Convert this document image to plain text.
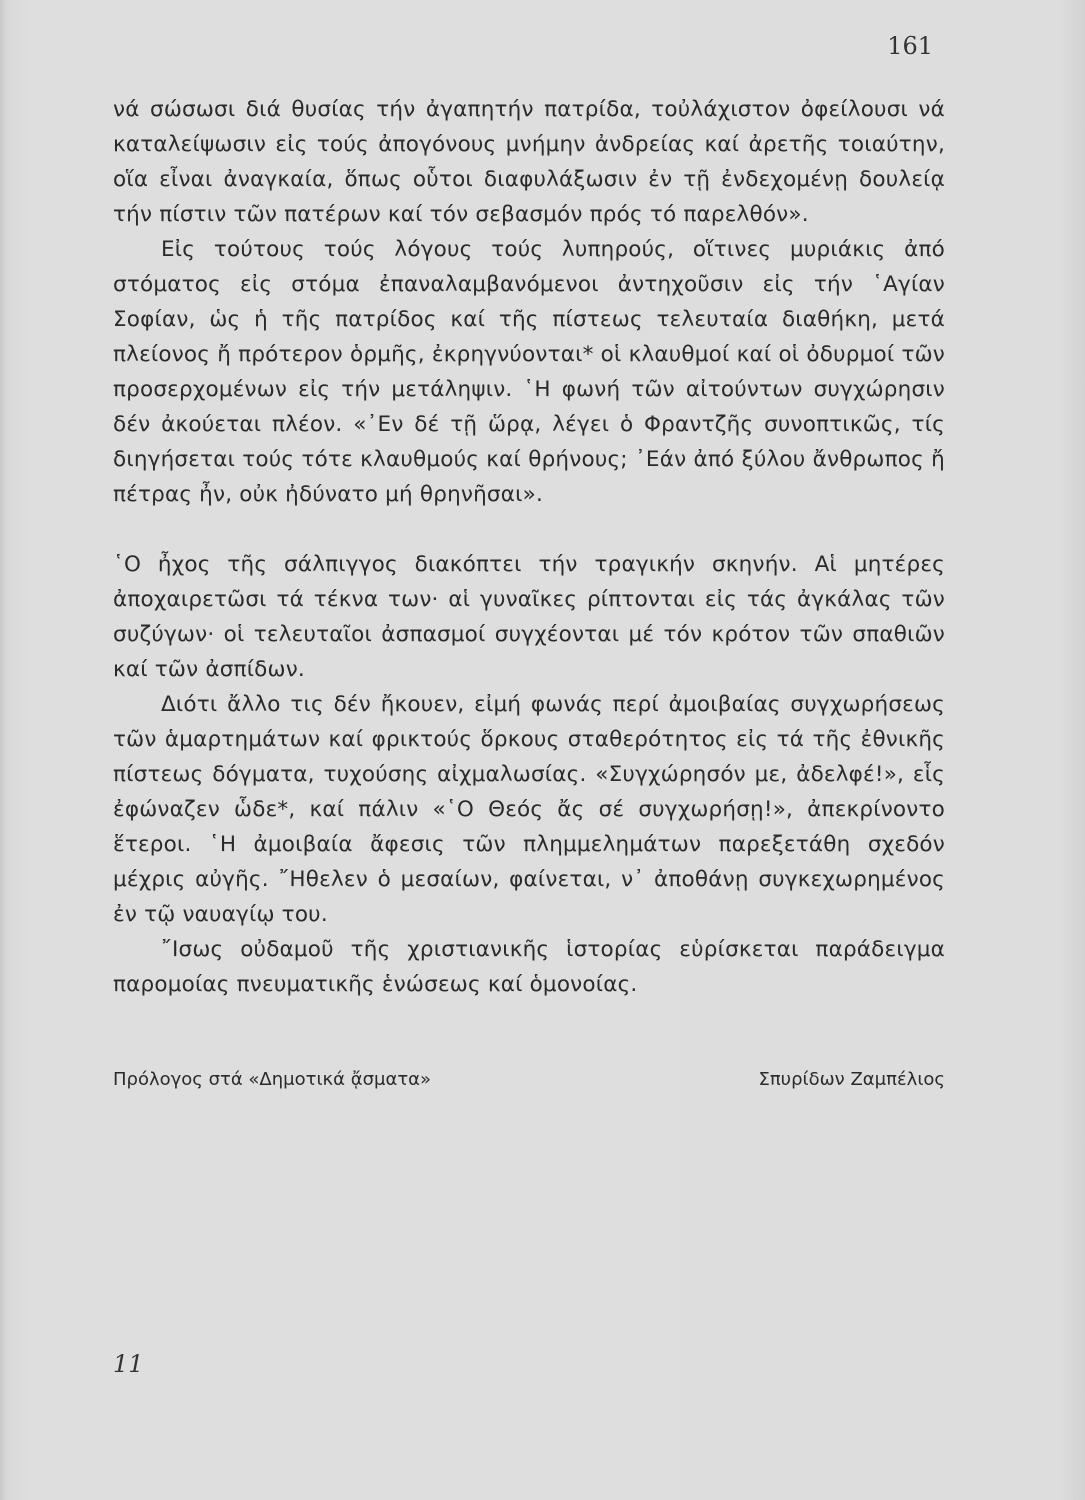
161

νά σώσωσι διά θυσίας τήν ἀγαπητήν πατρίδα, τοὐλάχιστον ὀφείλουσι νά καταλείψωσιν εἰς τούς ἀπογόνους μνήμην ἀνδρείας καί ἀρετῆς τοιαύτην, οἵα εἶναι ἀναγκαία, ὅπως οὗτοι διαφυλάξωσιν ἐν τῇ ἐνδεχομένῃ δουλείᾳ τήν πίστιν τῶν πατέρων καί τόν σεβασμόν πρός τό παρελθόν».

Εἰς τούτους τούς λόγους τούς λυπηρούς, οἵτινες μυριάκις ἀπό στόματος εἰς στόμα ἐπαναλαμβανόμενοι ἀντηχοῦσιν εἰς τήν ῾Αγίαν Σοφίαν, ὡς ἡ τῆς πατρίδος καί τῆς πίστεως τελευταία διαθήκη, μετά πλείονος ἤ πρότερον ὁρμῆς, ἐκρηγνύονται* οἱ κλαυθμοί καί οἱ ὀδυρμοί τῶν προσερχομένων εἰς τήν μετάληψιν. ῾Η φωνή τῶν αἰτούντων συγχώρησιν δέν ἀκούεται πλέον. «᾿Εν δέ τῇ ὥρᾳ, λέγει ὁ Φραντζῆς συνοπτικῶς, τίς διηγήσεται τούς τότε κλαυθμούς καί θρήνους; ᾿Εάν ἀπό ξύλου ἄνθρωπος ἤ πέτρας ἦν, οὐκ ἠδύνατο μή θρηνῆσαι».

῾Ο ἦχος τῆς σάλπιγγος διακόπτει τήν τραγικήν σκηνήν. Αἱ μητέρες ἀποχαιρετῶσι τά τέκνα των· αἱ γυναῖκες ρίπτονται εἰς τάς ἀγκάλας τῶν συζύγων· οἱ τελευταῖοι ἀσπασμοί συγχέονται μέ τόν κρότον τῶν σπαθιῶν καί τῶν ἀσπίδων.

Διότι ἄλλο τις δέν ἤκουεν, εἰμή φωνάς περί ἀμοιβαίας συγχωρήσεως τῶν ἁμαρτημάτων καί φρικτούς ὅρκους σταθερότητος εἰς τά τῆς ἐθνικῆς πίστεως δόγματα, τυχούσης αἰχμαλωσίας. «Συγχώρησόν με, ἀδελφέ!», εἷς ἐφώναζεν ὧδε*, καί πάλιν «῾Ο Θεός ἄς σέ συγχωρήσῃ!», ἀπεκρίνοντο ἕτεροι. ῾Η ἀμοιβαία ἄφεσις τῶν πλημμελημάτων παρεξετάθη σχεδόν μέχρις αὐγῆς. ῎Ηθελεν ὁ μεσαίων, φαίνεται, ν᾿ ἀποθάνῃ συγκεχωρημένος ἐν τῷ ναυαγίῳ του.

῎Ισως οὐδαμοῦ τῆς χριστιανικῆς ἱστορίας εὑρίσκεται παράδειγμα παρομοίας πνευματικῆς ἑνώσεως καί ὁμονοίας.

Πρόλογος στά «Δημοτικά ᾄσματα»	Σπυρίδων Ζαμπέλιος
11
